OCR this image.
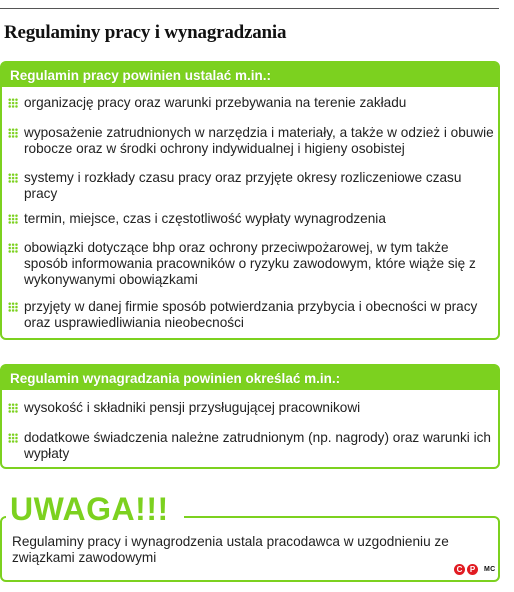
Regulaminy pracy i wynagradzania
Regulamin pracy powinien ustalać m.in.:
organizację pracy oraz warunki przebywania na terenie zakładu
wyposażenie zatrudnionych w narzędzia i materiały, a także w odzież i obuwie robocze oraz w środki ochrony indywidualnej i higieny osobistej
systemy i rozkłady czasu pracy oraz przyjęte okresy rozliczeniowe czasu pracy
termin, miejsce, czas i częstotliwość wypłaty wynagrodzenia
obowiązki dotyczące bhp oraz ochrony przeciwpożarowej, w tym także sposób informowania pracowników o ryzyku zawodowym, które wiąże się z wykonywanymi obowiązkami
przyjęty w danej firmie sposób potwierdzania przybycia i obecności w pracy oraz usprawiedliwiania nieobecności
Regulamin wynagradzania powinien określać m.in.:
wysokość i składniki pensji przysługującej pracownikowi
dodatkowe świadczenia należne zatrudnionym (np. nagrody) oraz warunki ich wypłaty
UWAGA!!!
Regulaminy pracy i wynagrodzenia ustala pracodawca w uzgodnieniu ze związkami zawodowymi
C P	MC
